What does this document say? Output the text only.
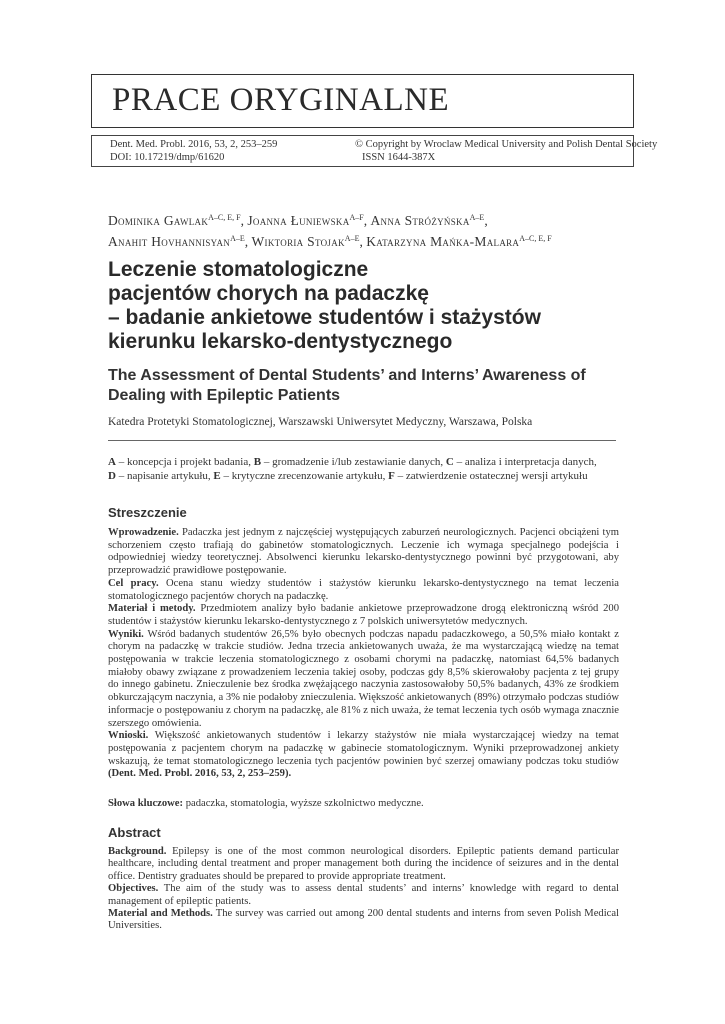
PRACE ORYGINALNE
Dent. Med. Probl. 2016, 53, 2, 253–259
DOI: 10.17219/dmp/61620
© Copyright by Wroclaw Medical University and Polish Dental Society
ISSN 1644-387X
Dominika Gawlak$^{A-C, E, F}$, Joanna Łuniewska$^{A-F}$, Anna Stróżyńska$^{A-E}$,
Anahit Hovhannisyan$^{A-E}$, Wiktoria Stojak$^{A-E}$, Katarzyna Mańka-Malara$^{A-C, E, F}$
Leczenie stomatologiczne
pacjentów chorych na padaczkę
– badanie ankietowe studentów i stażystów
kierunku lekarsko-dentystycznego
The Assessment of Dental Students’ and Interns’ Awareness of Dealing with Epileptic Patients
Katedra Protetyki Stomatologicznej, Warszawski Uniwersytet Medyczny, Warszawa, Polska
A – koncepcja i projekt badania, B – gromadzenie i/lub zestawianie danych, C – analiza i interpretacja danych,
D – napisanie artykułu, E – krytyczne zrecenzowanie artykułu, F – zatwierdzenie ostatecznej wersji artykułu
Streszczenie

Wprowadzenie. Padaczka jest jednym z najczęściej występujących zaburzeń neurologicznych. Pacjenci obciążeni tym schorzeniem często trafiają do gabinetów stomatologicznych. Leczenie ich wymaga specjalnego podejścia i odpowiedniej wiedzy teoretycznej. Absolwenci kierunku lekarsko-dentystycznego powinni być przygotowani, aby przeprowadzić prawidłowe postępowanie.

Cel pracy. Ocena stanu wiedzy studentów i stażystów kierunku lekarsko-dentystycznego na temat leczenia stomatologicznego pacjentów chorych na padaczkę.

Materiał i metody. Przedmiotem analizy było badanie ankietowe przeprowadzone drogą elektroniczną wśród 200 studentów i stażystów kierunku lekarsko-dentystycznego z 7 polskich uniwersytetów medycznych.

Wyniki. Wśród badanych studentów 26,5% było obecnych podczas napadu padaczkowego, a 50,5% miało kontakt z chorym na padaczkę w trakcie studiów. Jedna trzecia ankietowanych uważa, że ma wystarczającą wiedzę na temat postępowania w trakcie leczenia stomatologicznego z osobami chorymi na padaczkę, natomiast 64,5% badanych miałoby obawy związane z prowadzeniem leczenia takiej osoby, podczas gdy 8,5% skierowałoby pacjenta z tej grupy do innego gabinetu. Znieczulenie bez środka zwężającego naczynia zastosowałoby 50,5% badanych, 43% ze środkiem obkurczającym naczynia, a 3% nie podałoby znieczulenia. Większość ankietowanych (89%) otrzymało podczas studiów informacje o postępowaniu z chorym na padaczkę, ale 81% z nich uważa, że temat leczenia tych osób wymaga znacznie szerszego omówienia.

Wnioski. Większość ankietowanych studentów i lekarzy stażystów nie miała wystarczającej wiedzy na temat postępowania z pacjentem chorym na padaczkę w gabinecie stomatologicznym. Wyniki przeprowadzonej ankiety wskazują, że temat stomatologicznego leczenia tych pacjentów powinien być szerzej omawiany podczas toku studiów (Dent. Med. Probl. 2016, 53, 2, 253–259).

Słowa kluczowe: padaczka, stomatologia, wyższe szkolnictwo medyczne.

Abstract

Background. Epilepsy is one of the most common neurological disorders. Epileptic patients demand particular healthcare, including dental treatment and proper management both during the incidence of seizures and in the dental office. Dentistry graduates should be prepared to provide appropriate treatment.

Objectives. The aim of the study was to assess dental students’ and interns’ knowledge with regard to dental management of epileptic patients.

Material and Methods. The survey was carried out among 200 dental students and interns from seven Polish Medical Universities.
